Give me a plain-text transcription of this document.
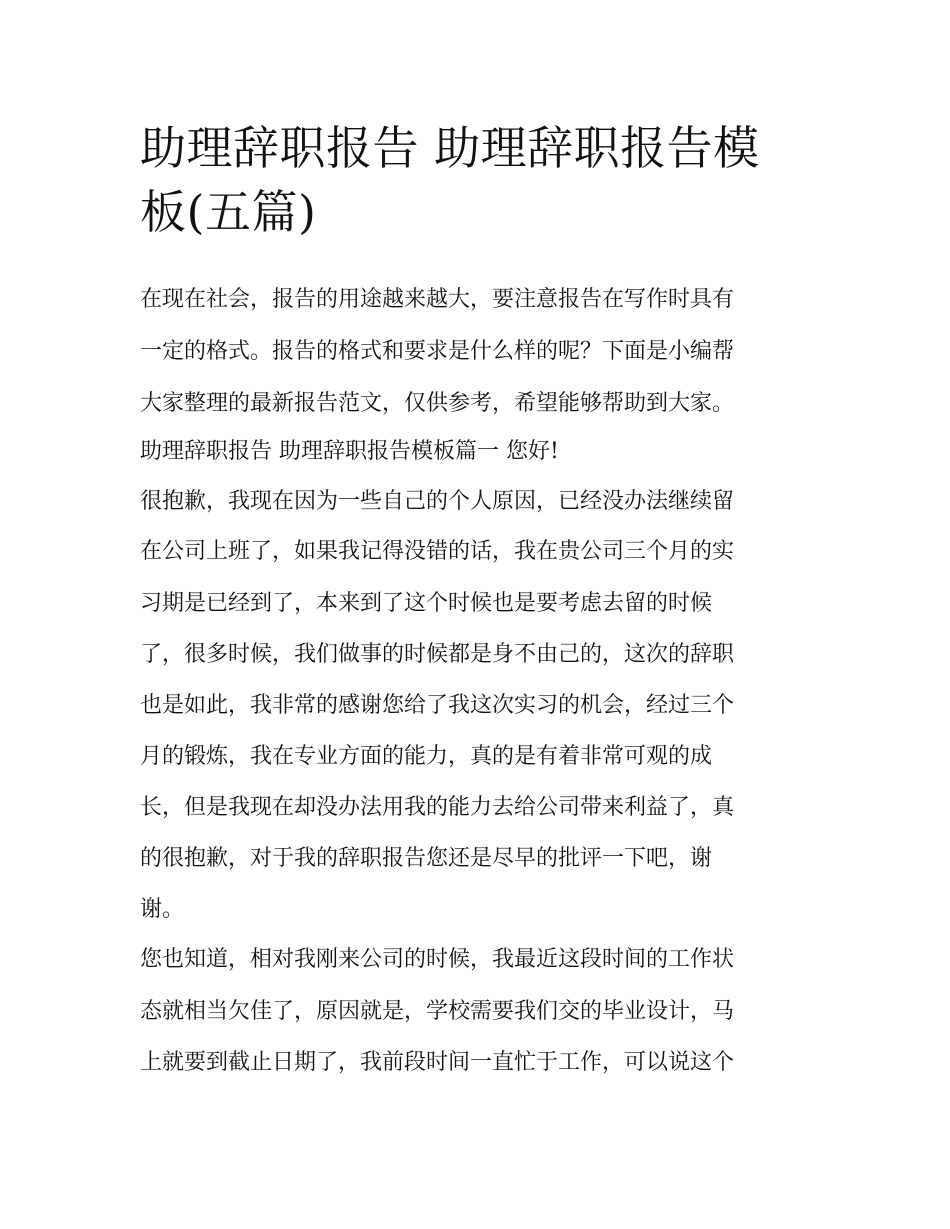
助理辞职报告 助理辞职报告模
板(五篇)

在现在社会，报告的用途越来越大，要注意报告在写作时具有

一定的格式。报告的格式和要求是什么样的呢？下面是小编帮

大家整理的最新报告范文，仅供参考，希望能够帮助到大家。

助理辞职报告 助理辞职报告模板篇一 您好!

很抱歉，我现在因为一些自己的个人原因，已经没办法继续留

在公司上班了，如果我记得没错的话，我在贵公司三个月的实

习期是已经到了，本来到了这个时候也是要考虑去留的时候

了，很多时候，我们做事的时候都是身不由己的，这次的辞职

也是如此，我非常的感谢您给了我这次实习的机会，经过三个

月的锻炼，我在专业方面的能力，真的是有着非常可观的成

长，但是我现在却没办法用我的能力去给公司带来利益了，真

的很抱歉，对于我的辞职报告您还是尽早的批评一下吧，谢

谢。

您也知道，相对我刚来公司的时候，我最近这段时间的工作状

态就相当欠佳了，原因就是，学校需要我们交的毕业设计，马

上就要到截止日期了，我前段时间一直忙于工作，可以说这个
